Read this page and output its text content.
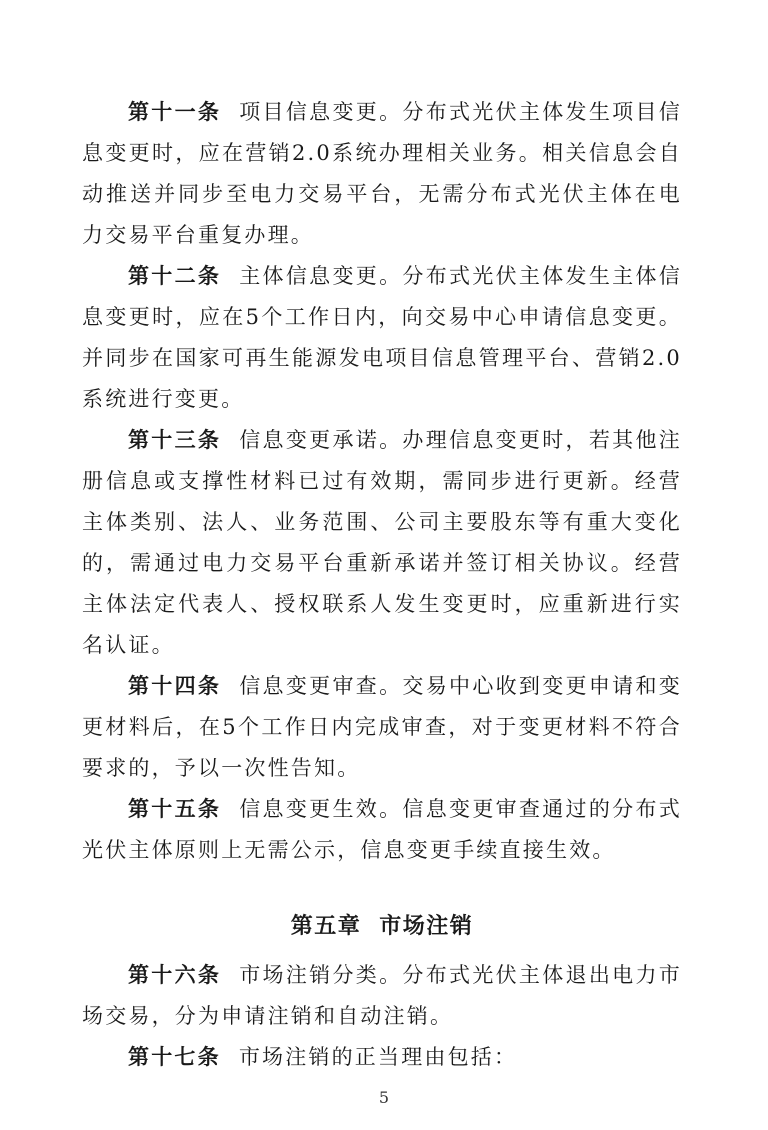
第十一条 项目信息变更。分布式光伏主体发生项目信息变更时，应在营销2.0系统办理相关业务。相关信息会自动推送并同步至电力交易平台，无需分布式光伏主体在电力交易平台重复办理。

第十二条 主体信息变更。分布式光伏主体发生主体信息变更时，应在5个工作日内，向交易中心申请信息变更。并同步在国家可再生能源发电项目信息管理平台、营销2.0系统进行变更。

第十三条 信息变更承诺。办理信息变更时，若其他注册信息或支撑性材料已过有效期，需同步进行更新。经营主体类别、法人、业务范围、公司主要股东等有重大变化的，需通过电力交易平台重新承诺并签订相关协议。经营主体法定代表人、授权联系人发生变更时，应重新进行实名认证。

第十四条 信息变更审查。交易中心收到变更申请和变更材料后，在5个工作日内完成审查，对于变更材料不符合要求的，予以一次性告知。

第十五条 信息变更生效。信息变更审查通过的分布式光伏主体原则上无需公示，信息变更手续直接生效。

第五章 市场注销

第十六条 市场注销分类。分布式光伏主体退出电力市场交易，分为申请注销和自动注销。

第十七条 市场注销的正当理由包括：

5
